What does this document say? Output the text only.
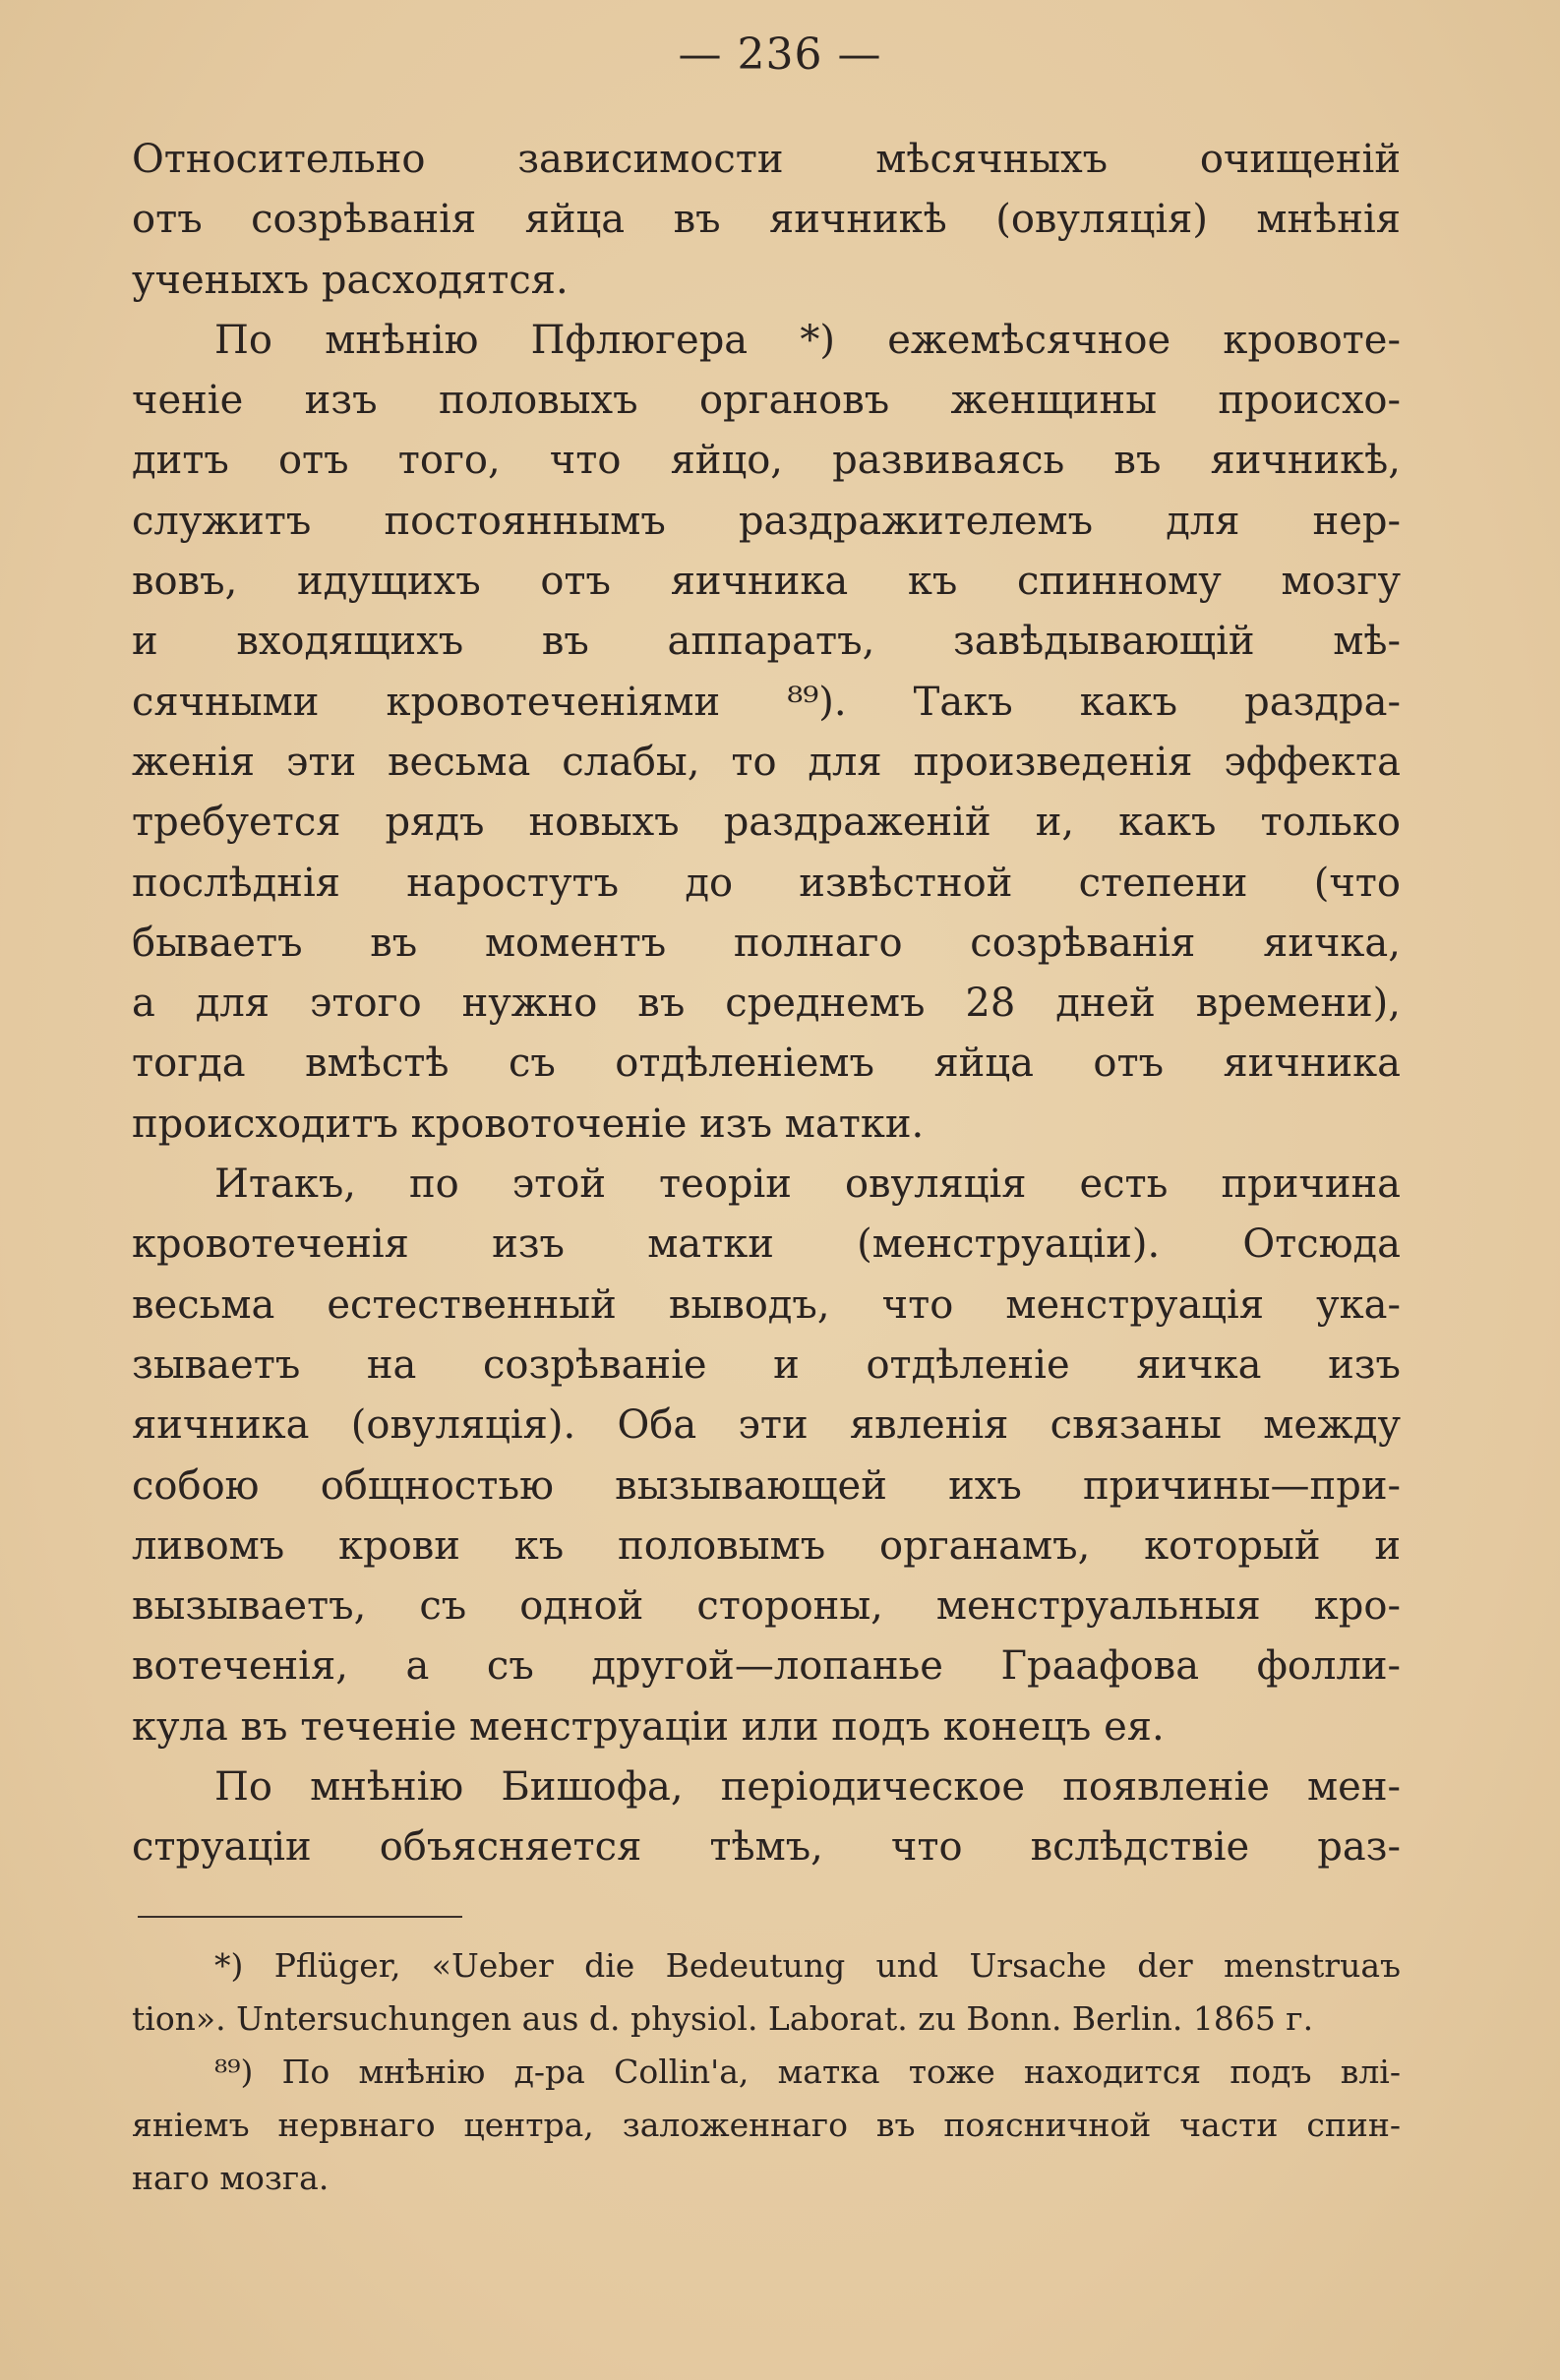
— 236 —
Относительно зависимости мѣсячныхъ очищеній
отъ созрѣванія яйца въ яичникѣ (овуляція) мнѣнія
ученыхъ расходятся.
По мнѣнію Пфлюгера *) ежемѣсячное кровоте-
ченіе изъ половыхъ органовъ женщины происхо-
дитъ отъ того, что яйцо, развиваясь въ яичникѣ,
служитъ постояннымъ раздражителемъ для нер-
вовъ, идущихъ отъ яичника къ спинному мозгу
и входящихъ въ аппаратъ, завѣдывающій мѣ-
сячными кровотеченіями ⁸⁹). Такъ какъ раздра-
женія эти весьма слабы, то для произведенія эффекта
требуется рядъ новыхъ раздраженій и, какъ только
послѣднія наростутъ до извѣстной степени (что
бываетъ въ моментъ полнаго созрѣванія яичка,
а для этого нужно въ среднемъ 28 дней времени),
тогда вмѣстѣ съ отдѣленіемъ яйца отъ яичника
происходитъ кровоточеніе изъ матки.
Итакъ, по этой теоріи овуляція есть причина
кровотеченія изъ матки (менструаціи). Отсюда
весьма естественный выводъ, что менструація ука-
зываетъ на созрѣваніе и отдѣленіе яичка изъ
яичника (овуляція). Оба эти явленія связаны между
собою общностью вызывающей ихъ причины—при-
ливомъ крови къ половымъ органамъ, который и
вызываетъ, съ одной стороны, менструальныя кро-
вотеченія, а съ другой—лопанье Граафова фолли-
кула въ теченіе менструаціи или подъ конецъ ея.
По мнѣнію Бишофа, періодическое появленіе мен-
струаціи объясняется тѣмъ, что вслѣдствіе раз-
*) Pflüger, «Ueber die Bedeutung und Ursache der menstruaъ
tion». Untersuchungen aus d. physiol. Laborat. zu Bonn. Berlin. 1865 г.
⁸⁹) По мнѣнію д-ра Collin'а, матка тоже находится подъ влі-
яніемъ нервнаго центра, заложеннаго въ поясничной части спин-
наго мозга.
